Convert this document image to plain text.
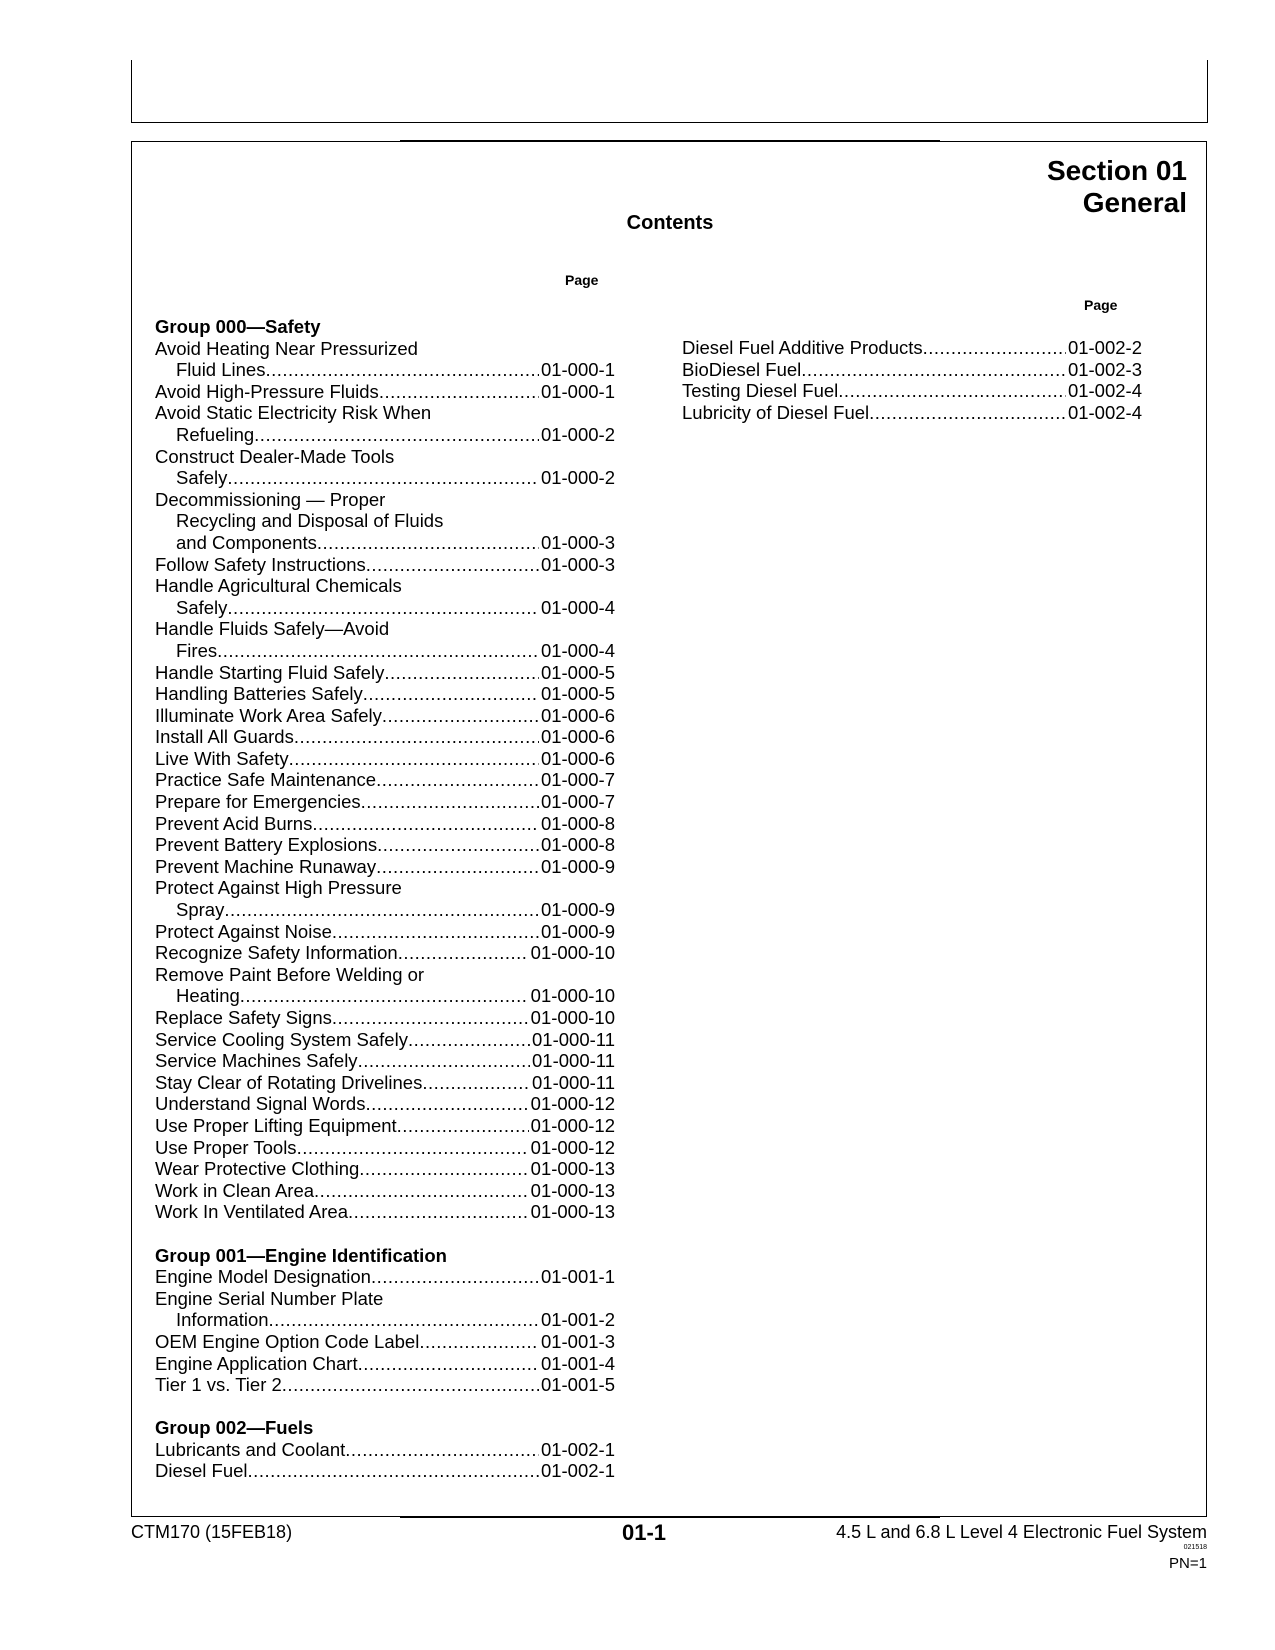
Section 01
General
Contents
Page
Page
Group 000—Safety
Avoid Heating Near Pressurized
Fluid Lines .....	01-000-1
Avoid High-Pressure Fluids .....	01-000-1
Avoid Static Electricity Risk When
Refueling .....	01-000-2
Construct Dealer-Made Tools
Safely .....	01-000-2
Decommissioning — Proper
Recycling and Disposal of Fluids
and Components .....	01-000-3
Follow Safety Instructions .....	01-000-3
Handle Agricultural Chemicals
Safely .....	01-000-4
Handle Fluids Safely—Avoid
Fires .....	01-000-4
Handle Starting Fluid Safely .....	01-000-5
Handling Batteries Safely .....	01-000-5
Illuminate Work Area Safely .....	01-000-6
Install All Guards .....	01-000-6
Live With Safety .....	01-000-6
Practice Safe Maintenance .....	01-000-7
Prepare for Emergencies .....	01-000-7
Prevent Acid Burns .....	01-000-8
Prevent Battery Explosions .....	01-000-8
Prevent Machine Runaway .....	01-000-9
Protect Against High Pressure
Spray .....	01-000-9
Protect Against Noise .....	01-000-9
Recognize Safety Information .....	01-000-10
Remove Paint Before Welding or
Heating .....	01-000-10
Replace Safety Signs .....	01-000-10
Service Cooling System Safely .....	01-000-11
Service Machines Safely .....	01-000-11
Stay Clear of Rotating Drivelines .....	01-000-11
Understand Signal Words .....	01-000-12
Use Proper Lifting Equipment .....	01-000-12
Use Proper Tools .....	01-000-12
Wear Protective Clothing .....	01-000-13
Work in Clean Area .....	01-000-13
Work In Ventilated Area .....	01-000-13
Group 001—Engine Identification
Engine Model Designation .....	01-001-1
Engine Serial Number Plate
Information .....	01-001-2
OEM Engine Option Code Label .....	01-001-3
Engine Application Chart .....	01-001-4
Tier 1 vs. Tier 2 .....	01-001-5
Group 002—Fuels
Lubricants and Coolant .....	01-002-1
Diesel Fuel .....	01-002-1
Diesel Fuel Additive Products .....	01-002-2
BioDiesel Fuel .....	01-002-3
Testing Diesel Fuel .....	01-002-4
Lubricity of Diesel Fuel .....	01-002-4
CTM170 (15FEB18)	01-1	4.5 L and 6.8 L Level 4 Electronic Fuel System
021518
PN=1
